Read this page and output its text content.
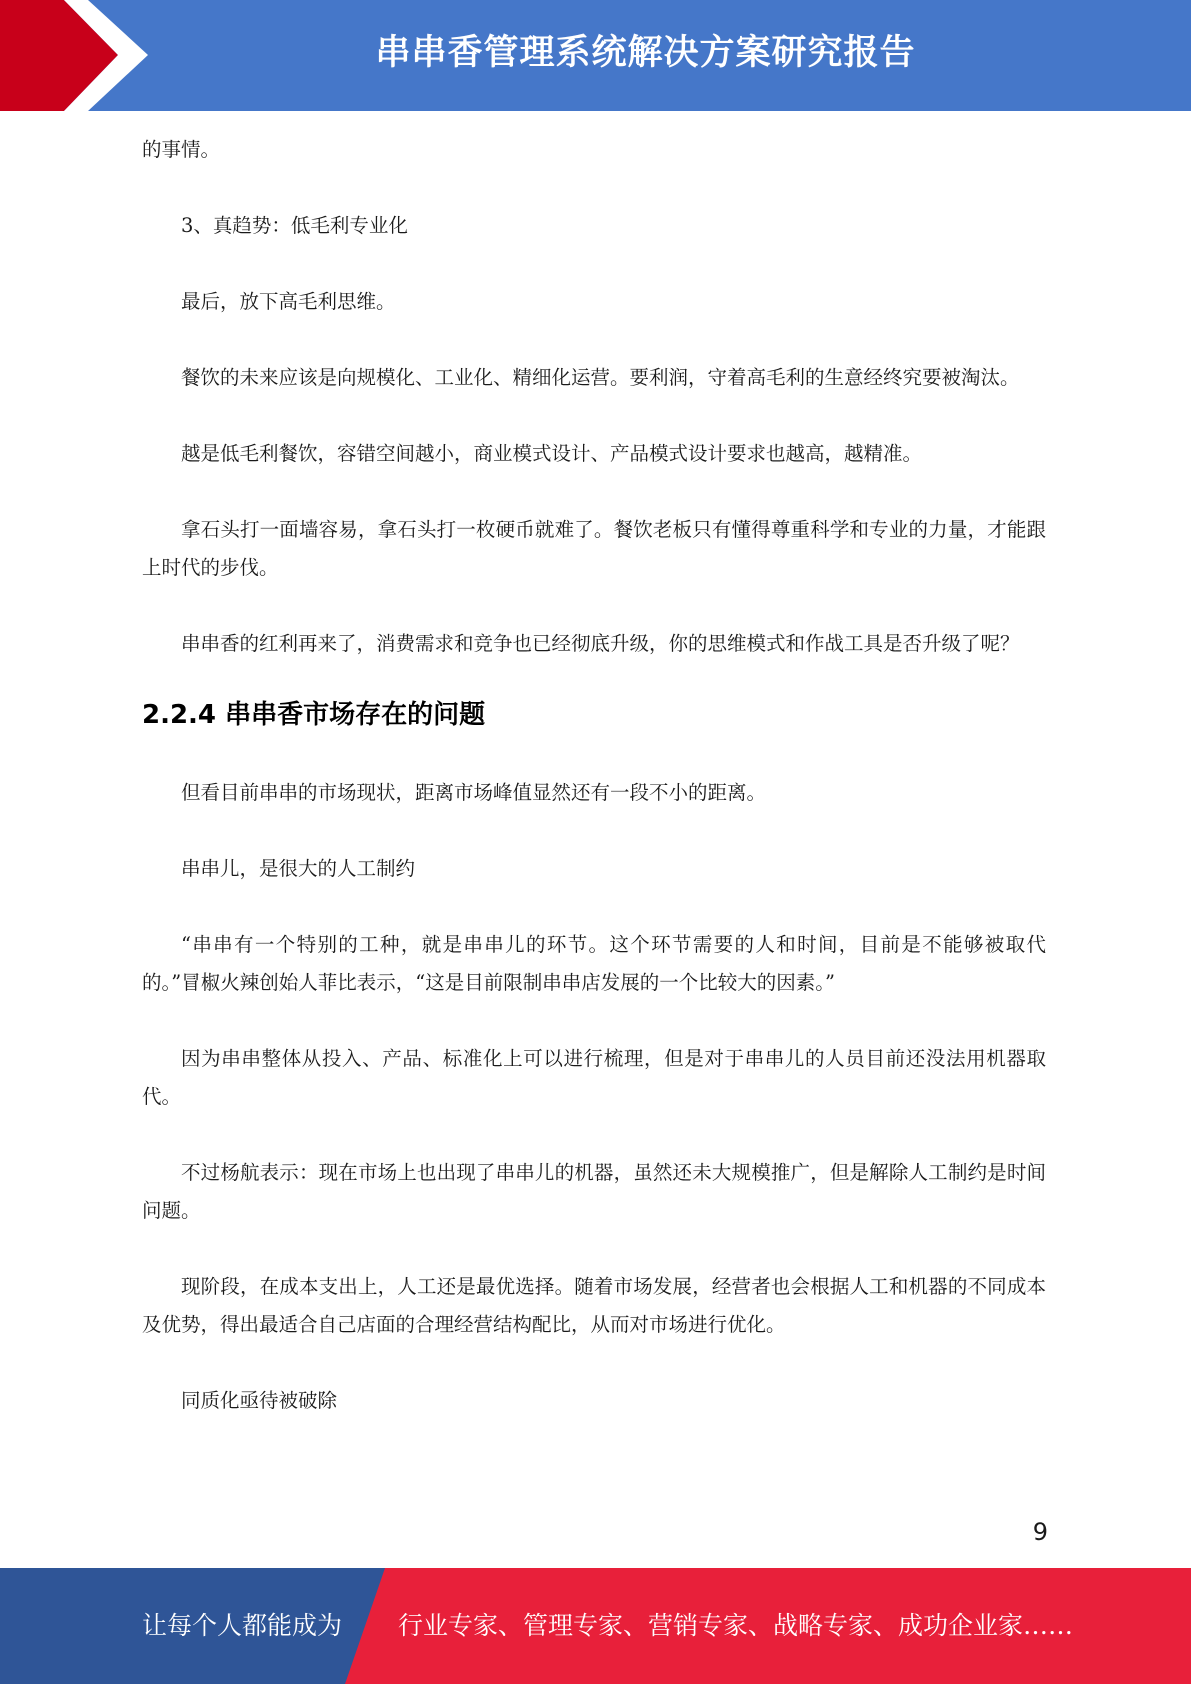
串串香管理系统解决方案研究报告

的事情。

3、真趋势：低毛利专业化

最后，放下高毛利思维。

餐饮的未来应该是向规模化、工业化、精细化运营。要利润，守着高毛利的生意经终究要被淘汰。

越是低毛利餐饮，容错空间越小，商业模式设计、产品模式设计要求也越高，越精准。

拿石头打一面墙容易，拿石头打一枚硬币就难了。餐饮老板只有懂得尊重科学和专业的力量，才能跟上时代的步伐。

串串香的红利再来了，消费需求和竞争也已经彻底升级，你的思维模式和作战工具是否升级了呢？

2.2.4 串串香市场存在的问题

但看目前串串的市场现状，距离市场峰值显然还有一段不小的距离。

串串儿，是很大的人工制约

“串串有一个特别的工种，就是串串儿的环节。这个环节需要的人和时间，目前是不能够被取代的。”冒椒火辣创始人菲比表示，“这是目前限制串串店发展的一个比较大的因素。”

因为串串整体从投入、产品、标准化上可以进行梳理，但是对于串串儿的人员目前还没法用机器取代。

不过杨航表示：现在市场上也出现了串串儿的机器，虽然还未大规模推广，但是解除人工制约是时间问题。

现阶段，在成本支出上，人工还是最优选择。随着市场发展，经营者也会根据人工和机器的不同成本及优势，得出最适合自己店面的合理经营结构配比，从而对市场进行优化。

同质化亟待被破除

9
让每个人都能成为 行业专家、管理专家、营销专家、战略专家、成功企业家……
